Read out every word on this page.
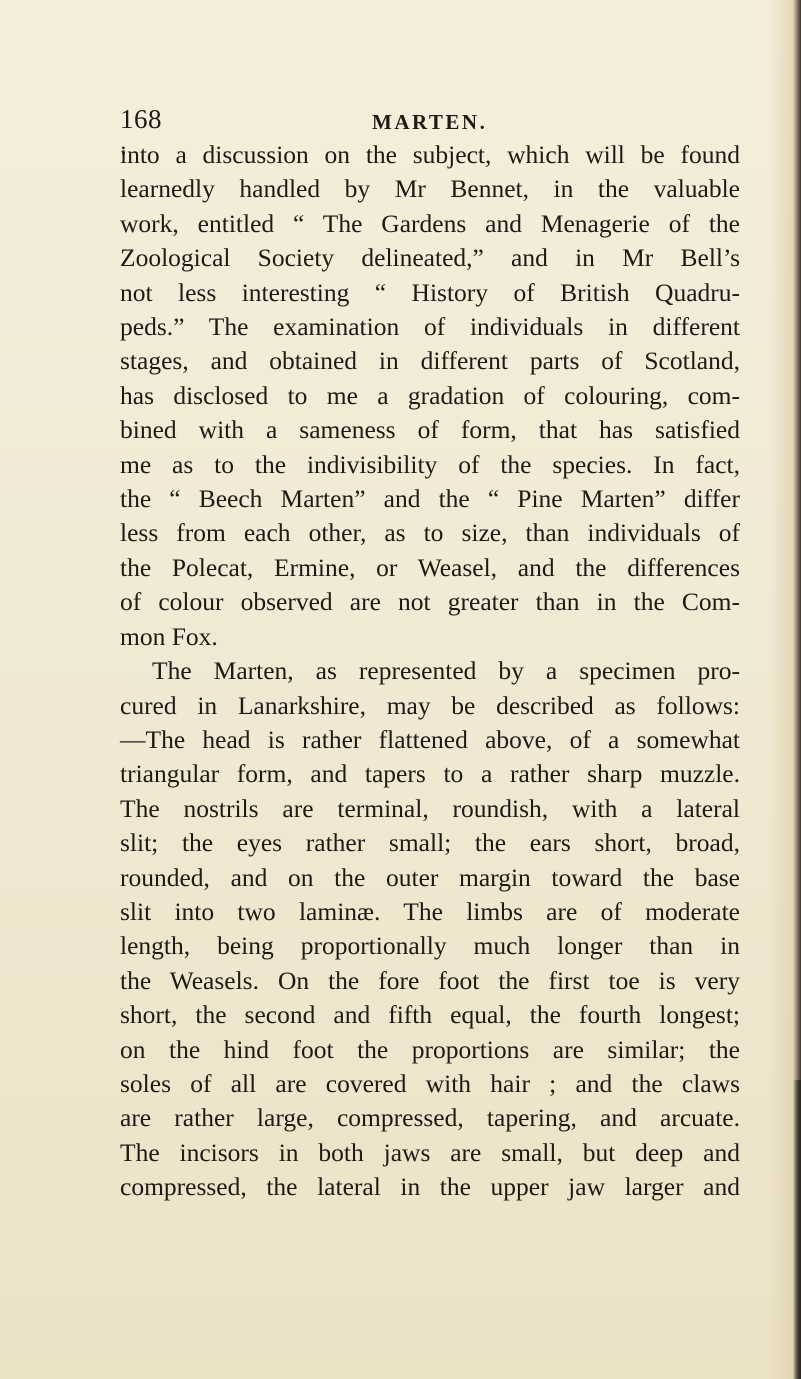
168	MARTEN.
into a discussion on the subject, which will be found
learnedly handled by Mr Bennet, in the valuable
work, entitled “ The Gardens and Menagerie of the
Zoological Society delineated,” and in Mr Bell’s
not less interesting “ History of British Quadru-
peds.” The examination of individuals in different
stages, and obtained in different parts of Scotland,
has disclosed to me a gradation of colouring, com-
bined with a sameness of form, that has satisfied
me as to the indivisibility of the species. In fact,
the “ Beech Marten” and the “ Pine Marten” differ
less from each other, as to size, than individuals of
the Polecat, Ermine, or Weasel, and the differences
of colour observed are not greater than in the Com-
mon Fox.
The Marten, as represented by a specimen pro-
cured in Lanarkshire, may be described as follows:
—The head is rather flattened above, of a somewhat
triangular form, and tapers to a rather sharp muzzle.
The nostrils are terminal, roundish, with a lateral
slit; the eyes rather small; the ears short, broad,
rounded, and on the outer margin toward the base
slit into two laminæ. The limbs are of moderate
length, being proportionally much longer than in
the Weasels. On the fore foot the first toe is very
short, the second and fifth equal, the fourth longest;
on the hind foot the proportions are similar; the
soles of all are covered with hair ; and the claws
are rather large, compressed, tapering, and arcuate.
The incisors in both jaws are small, but deep and
compressed, the lateral in the upper jaw larger and
